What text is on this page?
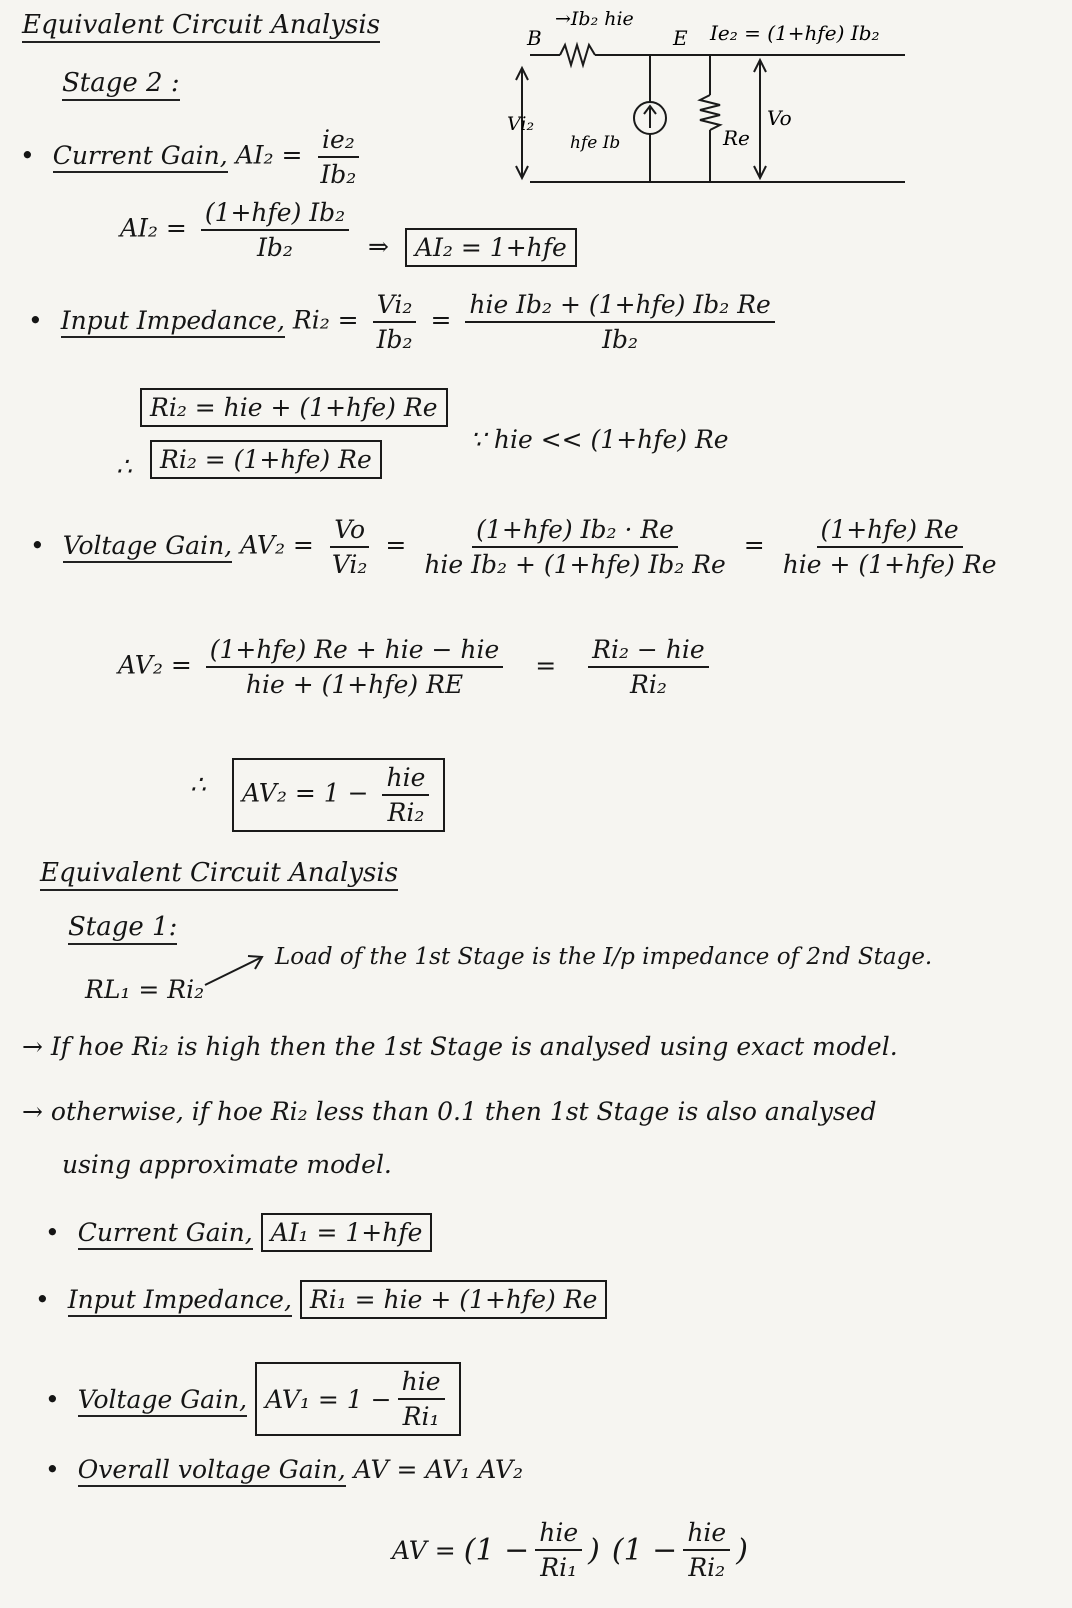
Equivalent Circuit Analysis
Stage 2 :
B
→Ib₂ hie
E Ie₂ = (1+hfe) Ib₂
Vi₂
hfe Ib	Re
Vo
• Current Gain, $AI_2 = \frac{\text{ie₂}}{\text{Ib₂}}$
$AI_2 = \frac{\text{(1+hfe) Ib₂}}{\text{Ib₂}}$ ⇒	AI₂ = 1+hfe
• Input Impedance, $Ri_2 = \frac{\text{Vi₂}}{\text{Ib₂}} = \frac{\text{hie Ib₂ + (1+hfe) Ib₂ Re}}{\text{Ib₂}}$
Ri₂ = hie + (1+hfe) Re
∵ hie << (1+hfe) Re
∴	Ri₂ = (1+hfe) Re
• Voltage Gain, $AV_2 = \frac{Vo}{\text{Vi₂}} = \frac{\text{(1+hfe) Ib₂ · Re}}{\text{hie Ib₂ + (1+hfe) Ib₂ Re}} = \frac{\text{(1+hfe) Re}}{\text{hie + (1+hfe) Re}}$
$AV_2 = \frac{\text{(1+hfe) Re + hie − hie}}{\text{hie + (1+hfe) RE}} = \frac{\text{Ri₂ − hie}}{\text{Ri₂}}$
∴	$AV_2 = 1 - \frac{\text{hie}}{\text{Ri₂}}$
Equivalent Circuit Analysis
Stage 1:
RL₁ = Ri₂
Load of the 1st Stage is the I/p impedance of 2nd Stage.
→ If hoe Ri₂ is high then the 1st Stage is analysed using exact model.
→ otherwise, if hoe Ri₂ less than 0.1 then 1st Stage is also analysed
using approximate model.
• Current Gain, AI₁ = 1+hfe
• Input Impedance, Ri₁ = hie + (1+hfe) Re
• Voltage Gain, $AV_1 = 1 - \frac{\text{hie}}{\text{Ri₁}}$
• Overall voltage Gain, AV = AV₁ AV₂
AV = ($1 - \frac{\text{hie}}{\text{Ri₁}}$ ) ($1 - \frac{\text{hie}}{\text{Ri₂}}$ )
